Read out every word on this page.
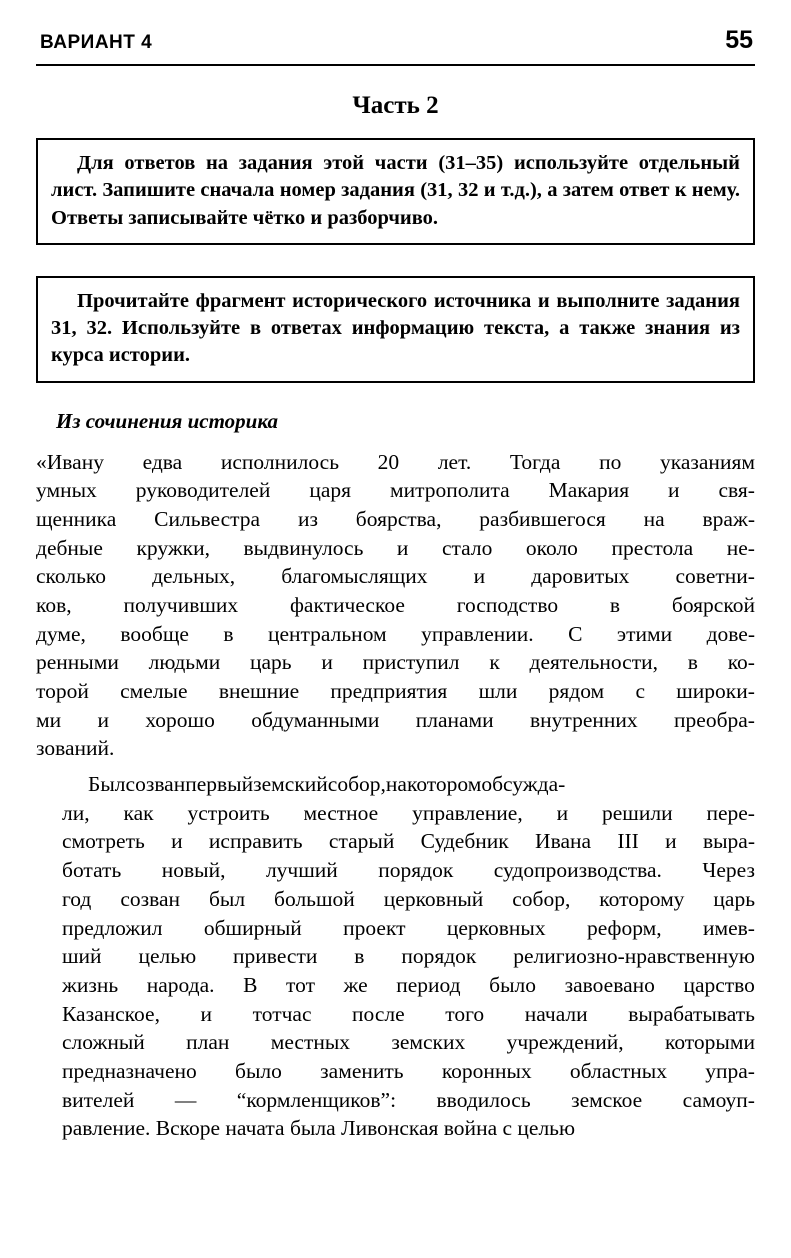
ВАРИАНТ 4	55
Часть 2

Для ответов на задания этой части (31–35) используйте отдельный лист. Запишите сначала номер задания (31, 32 и т.д.), а затем ответ к нему. Ответы записывайте чётко и разборчиво.

Прочитайте фрагмент исторического источника и выполните задания 31, 32. Используйте в ответах информацию текста, а также знания из курса истории.

Из сочинения историка

«Ивану едва исполнилось 20 лет. Тогда по указаниям
умных руководителей царя митрополита Макария и свя-
щенника Сильвестра из боярства, разбившегося на враж-
дебные кружки, выдвинулось и стало около престола не-
сколько дельных, благомыслящих и даровитых советни-
ков, получивших фактическое господство в боярской
думе, вообще в центральном управлении. С этими дове-
ренными людьми царь и приступил к деятельности, в ко-
торой смелые внешние предприятия шли рядом с широки-
ми и хорошо обдуманными планами внутренних преобра-
зований.

Былсозванпервыйземскийсобор,накоторомобсужда-
ли,	как	устроить	местное	управление,	и	решили	пере-
смотреть	и	исправить	старый	Судебник	Ивана	III	и	выра-
ботать	новый,	лучший	порядок	судопроизводства.	Через
год	созван	был	большой	церковный	собор,	которому	царь
предложил	обширный	проект	церковных	реформ,	имев-
ший	целью	привести	в	порядок	религиозно-нравственную
жизнь	народа.	В	тот	же	период	было	завоевано	царство
Казанское,	и	тотчас	после	того	начали	вырабатывать
сложный	план	местных	земских	учреждений,	которыми
предназначено	было	заменить	коронных	областных	упра-
вителей	—	“кормленщиков”:	вводилось	земское	самоуп-
равление. Вскоре начата была Ливонская война с целью
